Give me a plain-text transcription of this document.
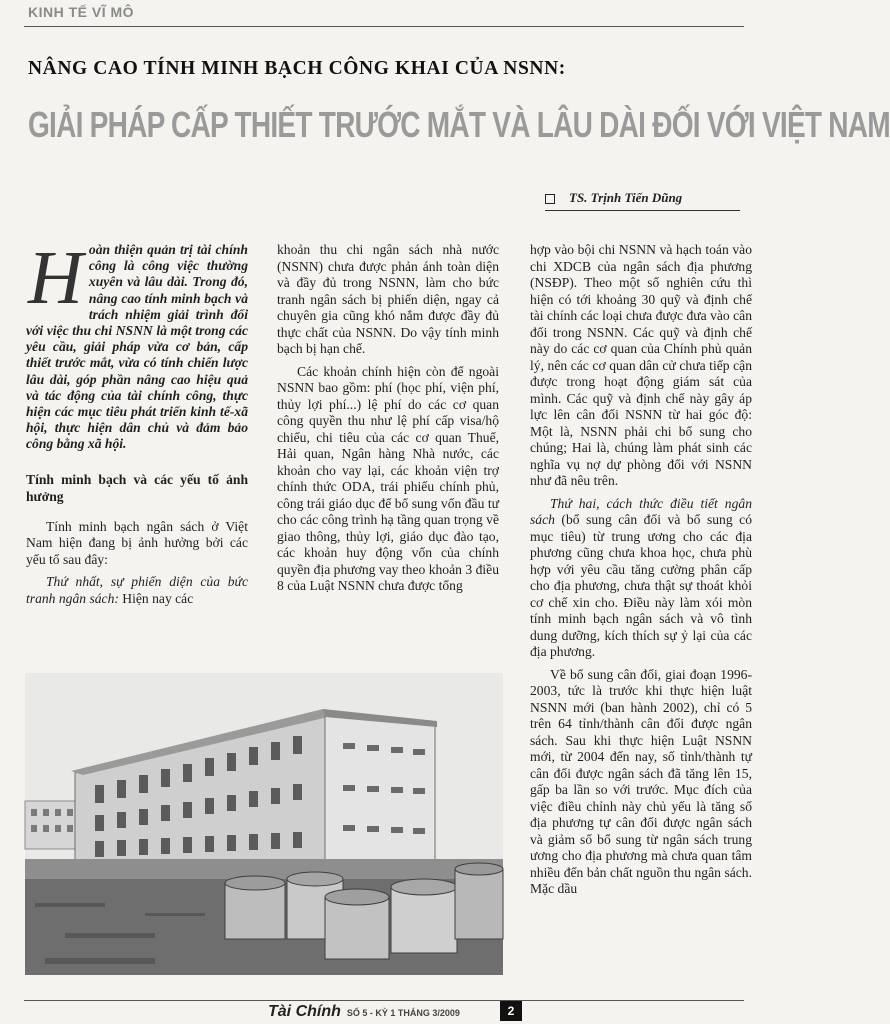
KINH TẾ VĨ MÔ
NÂNG CAO TÍNH MINH BẠCH CÔNG KHAI CỦA NSNN:
GIẢI PHÁP CẤP THIẾT TRƯỚC MẮT VÀ LÂU DÀI ĐỐI VỚI VIỆT NAM
TS. Trịnh Tiến Dũng

Hoàn thiện quản trị tài chính công là công việc thường xuyên và lâu dài. Trong đó, nâng cao tính minh bạch và trách nhiệm giải trình đối với việc thu chi NSNN là một trong các yêu cầu, giải pháp vừa cơ bản, cấp thiết trước mắt, vừa có tính chiến lược lâu dài, góp phần nâng cao hiệu quả và tác động của tài chính công, thực hiện các mục tiêu phát triển kinh tế-xã hội, thực hiện dân chủ và đảm bảo công bằng xã hội.

Tính minh bạch và các yếu tố ảnh hưởng

Tính minh bạch ngân sách ở Việt Nam hiện đang bị ảnh hưởng bởi các yếu tố sau đây:

Thứ nhất, sự phiến diện của bức tranh ngân sách: Hiện nay các

khoản thu chi ngân sách nhà nước (NSNN) chưa được phản ánh toàn diện và đầy đủ trong NSNN, làm cho bức tranh ngân sách bị phiến diện, ngay cả chuyên gia cũng khó nắm được đầy đủ thực chất của NSNN. Do vậy tính minh bạch bị hạn chế.

Các khoản chính hiện còn để ngoài NSNN bao gồm: phí (học phí, viện phí, thủy lợi phí...) lệ phí do các cơ quan công quyền thu như lệ phí cấp visa/hộ chiếu, chi tiêu của các cơ quan Thuế, Hải quan, Ngân hàng Nhà nước, các khoản cho vay lại, các khoản viện trợ chính thức ODA, trái phiếu chính phủ, công trái giáo dục để bổ sung vốn đầu tư cho các công trình hạ tầng quan trọng về giao thông, thủy lợi, giáo dục đào tạo, các khoản huy động vốn của chính quyền địa phương vay theo khoản 3 điều 8 của Luật NSNN chưa được tổng

hợp vào bội chi NSNN và hạch toán vào chi XDCB của ngân sách địa phương (NSĐP). Theo một số nghiên cứu thì hiện có tới khoảng 30 quỹ và định chế tài chính các loại chưa được đưa vào cân đối trong NSNN. Các quỹ và định chế này do các cơ quan của Chính phủ quản lý, nên các cơ quan dân cử chưa tiếp cận được trong hoạt động giám sát của mình. Các quỹ và định chế này gây áp lực lên cân đối NSNN từ hai góc độ: Một là, NSNN phải chi bổ sung cho chúng; Hai là, chúng làm phát sinh các nghĩa vụ nợ dự phòng đối với NSNN như đã nêu trên.

Thứ hai, cách thức điều tiết ngân sách (bổ sung cân đối và bổ sung có mục tiêu) từ trung ương cho các địa phương cũng chưa khoa học, chưa phù hợp với yêu cầu tăng cường phân cấp cho địa phương, chưa thật sự thoát khỏi cơ chế xin cho. Điều này làm xói mòn tính minh bạch ngân sách và vô tình dung dưỡng, kích thích sự ỷ lại của các địa phương.

Về bổ sung cân đối, giai đoạn 1996-2003, tức là trước khi thực hiện luật NSNN mới (ban hành 2002), chỉ có 5 trên 64 tỉnh/thành cân đối được ngân sách. Sau khi thực hiện Luật NSNN mới, từ 2004 đến nay, số tỉnh/thành tự cân đối được ngân sách đã tăng lên 15, gấp ba lần so với trước. Mục đích của việc điều chỉnh này chủ yếu là tăng số địa phương tự cân đối được ngân sách và giảm số bổ sung từ ngân sách trung ương cho địa phương mà chưa quan tâm nhiều đến bản chất nguồn thu ngân sách. Mặc dầu

Tài Chính SỐ 5 - KỲ 1 THÁNG 3/2009	2
